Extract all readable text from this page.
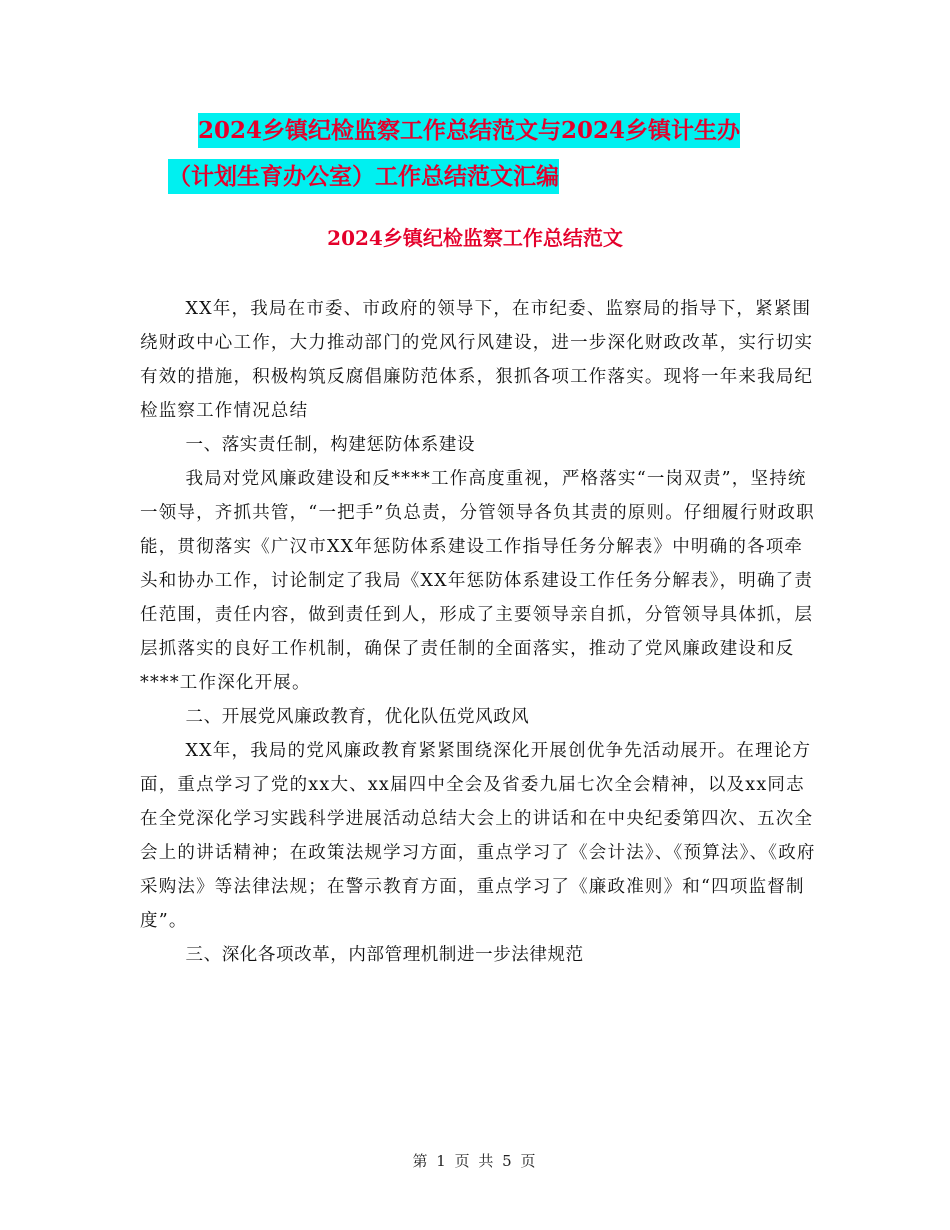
2024乡镇纪检监察工作总结范文与2024乡镇计生办
（计划生育办公室）工作总结范文汇编
2024乡镇纪检监察工作总结范文

XX年，我局在市委、市政府的领导下，在市纪委、监察局的指导下，紧紧围绕财政中心工作，大力推动部门的党风行风建设，进一步深化财政改革，实行切实有效的措施，积极构筑反腐倡廉防范体系，狠抓各项工作落实。现将一年来我局纪检监察工作情况总结

一、落实责任制，构建惩防体系建设

我局对党风廉政建设和反****工作高度重视，严格落实“一岗双责”，坚持统一领导，齐抓共管，“一把手”负总责，分管领导各负其责的原则。仔细履行财政职能，贯彻落实《广汉市XX年惩防体系建设工作指导任务分解表》中明确的各项牵头和协办工作，讨论制定了我局《XX年惩防体系建设工作任务分解表》，明确了责任范围，责任内容，做到责任到人，形成了主要领导亲自抓，分管领导具体抓，层层抓落实的良好工作机制，确保了责任制的全面落实，推动了党风廉政建设和反****工作深化开展。

二、开展党风廉政教育，优化队伍党风政风

XX年，我局的党风廉政教育紧紧围绕深化开展创优争先活动展开。在理论方面，重点学习了党的xx大、xx届四中全会及省委九届七次全会精神，以及xx同志在全党深化学习实践科学进展活动总结大会上的讲话和在中央纪委第四次、五次全会上的讲话精神；在政策法规学习方面，重点学习了《会计法》、《预算法》、《政府采购法》等法律法规；在警示教育方面，重点学习了《廉政准则》和“四项监督制度”。

三、深化各项改革，内部管理机制进一步法律规范

第 1 页 共 5 页
